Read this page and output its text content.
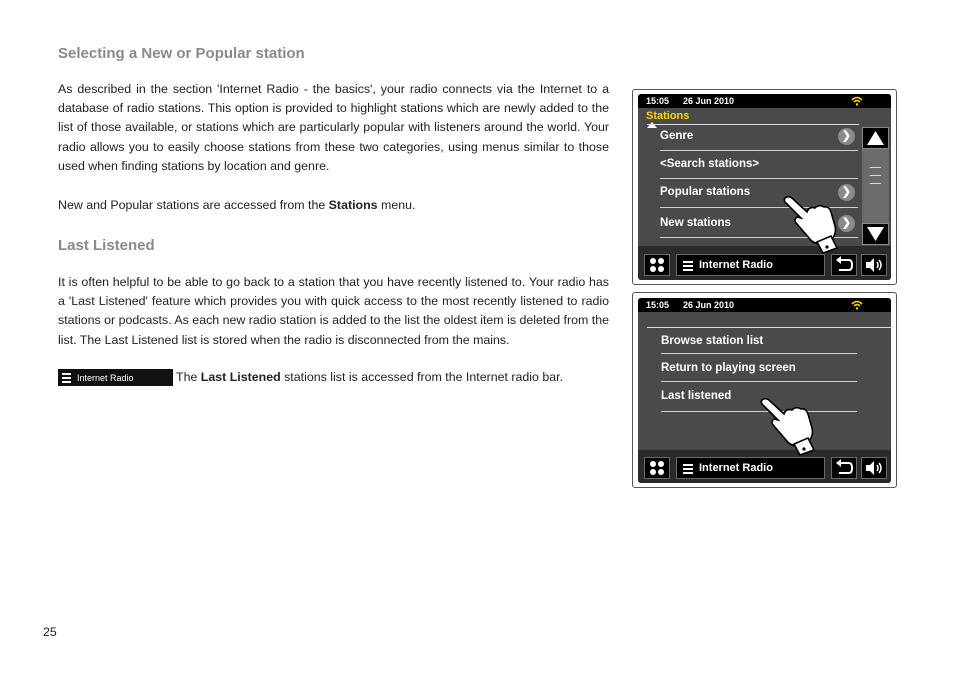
Selecting a New or Popular station

As described in the section 'Internet Radio - the basics', your radio connects via the Internet to a database of radio stations. This option is provided to highlight stations which are newly added to the list of those available, or stations which are particularly popular with listeners around the world. Your radio allows you to easily choose stations from these two categories, using menus similar to those used when finding stations by location and genre.

New and Popular stations are accessed from the Stations menu.

Last Listened

It is often helpful to be able to go back to a station that you have recently listened to. Your radio has a 'Last Listened' feature which provides you with quick access to the most recently listened to radio stations or podcasts. As each new radio station is added to the list the oldest item is deleted from the list. The Last Listened list is stored when the radio is disconnected from the mains.

Internet Radio	The Last Listened stations list is accessed from the Internet radio bar.
25
15:05 26 Jun 2010
Stations
Genre	❯
<Search stations>
Popular stations	❯
New stations	❯
Internet Radio
15:05 26 Jun 2010
Browse station list
Return to playing screen
Last listened
Internet Radio
